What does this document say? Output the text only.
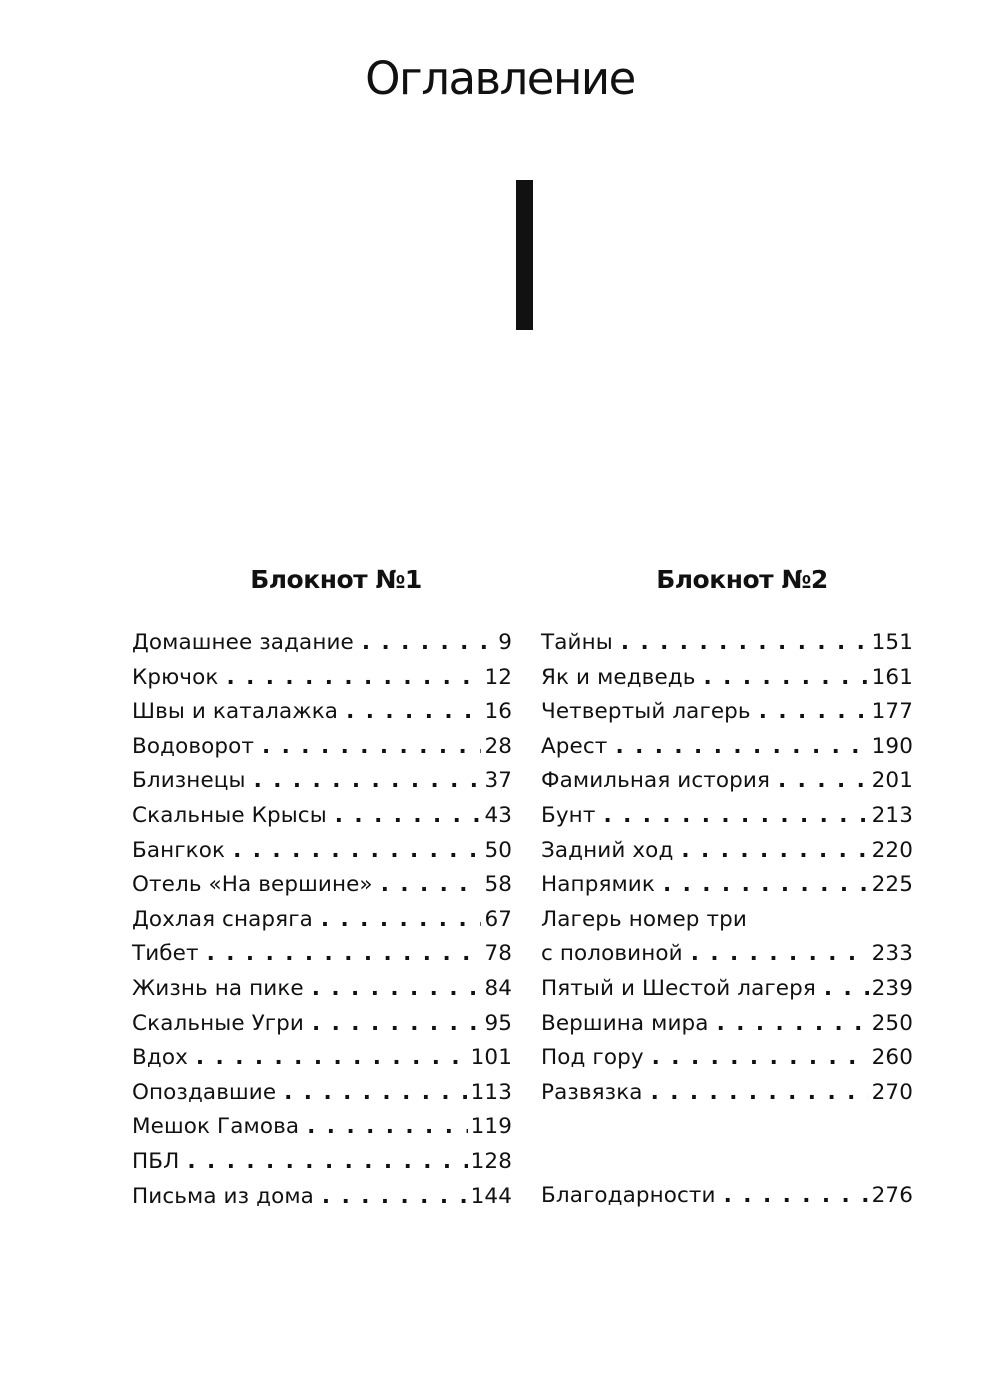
Оглавление
Блокнот №1
Домашнее задание . . .	9
Крючок . . .	12
Швы и каталажка . . .	16
Водоворот . . .	28
Близнецы . . .	37
Скальные Крысы . . .	43
Бангкок . . .	50
Отель «На вершине» . . .	58
Дохлая снаряга . . .	67
Тибет . . .	78
Жизнь на пике . . .	84
Скальные Угри . . .	95
Вдох . . .	101
Опоздавшие . . .	113
Мешок Гамова . . .	119
ПБЛ . . .	128
Письма из дома . . .	144
Блокнот №2
Тайны . . .	151
Як и медведь . . .	161
Четвертый лагерь . . .	177
Арест . . .	190
Фамильная история . . .	201
Бунт . . .	213
Задний ход . . .	220
Напрямик . . .	225
Лагерь номер три
с половиной . . .	233
Пятый и Шестой лагеря . . .	239
Вершина мира . . .	250
Под гору . . .	260
Развязка . . .	270
Благодарности . . .	276
